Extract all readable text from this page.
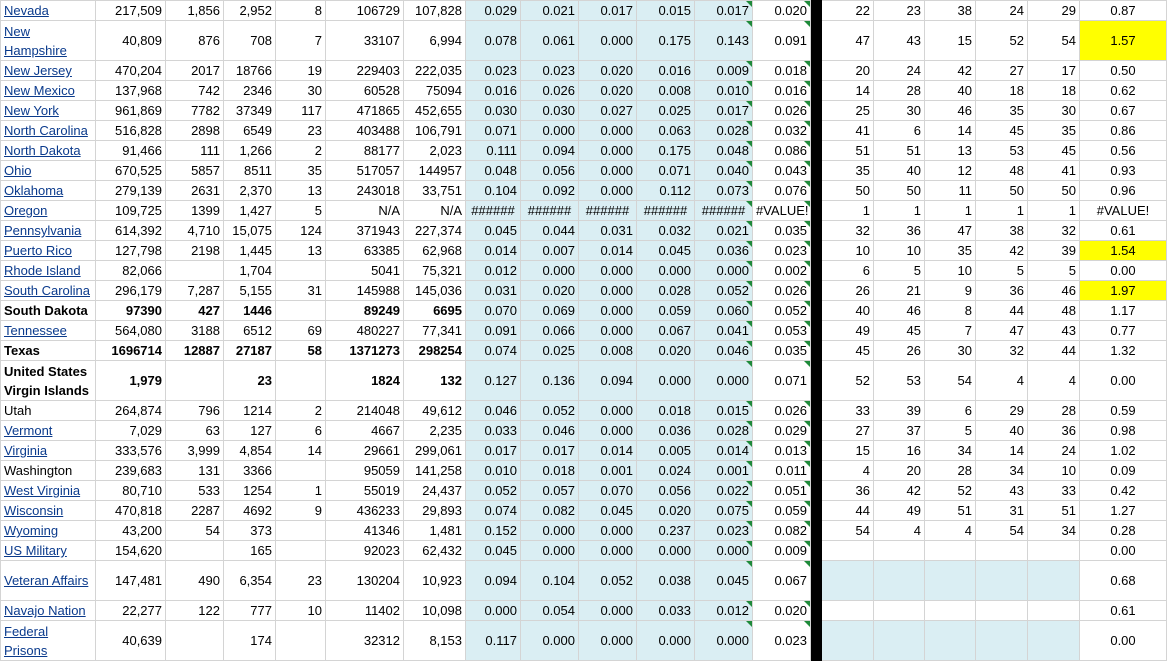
Nevada	217,509	1,856	2,952	8	106729	107,828	0.029	0.021	0.017	0.015	0.017	0.020		22	23	38	24	29	0.87
New Hampshire	40,809	876	708	7	33107	6,994	0.078	0.061	0.000	0.175	0.143	0.091		47	43	15	52	54	1.57
New Jersey	470,204	2017	18766	19	229403	222,035	0.023	0.023	0.020	0.016	0.009	0.018		20	24	42	27	17	0.50
New Mexico	137,968	742	2346	30	60528	75094	0.016	0.026	0.020	0.008	0.010	0.016		14	28	40	18	18	0.62
New York	961,869	7782	37349	117	471865	452,655	0.030	0.030	0.027	0.025	0.017	0.026		25	30	46	35	30	0.67
North Carolina	516,828	2898	6549	23	403488	106,791	0.071	0.000	0.000	0.063	0.028	0.032		41	6	14	45	35	0.86
North Dakota	91,466	111	1,266	2	88177	2,023	0.111	0.094	0.000	0.175	0.048	0.086		51	51	13	53	45	0.56
Ohio	670,525	5857	8511	35	517057	144957	0.048	0.056	0.000	0.071	0.040	0.043		35	40	12	48	41	0.93
Oklahoma	279,139	2631	2,370	13	243018	33,751	0.104	0.092	0.000	0.112	0.073	0.076		50	50	11	50	50	0.96
Oregon	109,725	1399	1,427	5	N/A	N/A	######	######	######	######	######	#VALUE!		1	1	1	1	1	#VALUE!
Pennsylvania	614,392	4,710	15,075	124	371943	227,374	0.045	0.044	0.031	0.032	0.021	0.035		32	36	47	38	32	0.61
Puerto Rico	127,798	2198	1,445	13	63385	62,968	0.014	0.007	0.014	0.045	0.036	0.023		10	10	35	42	39	1.54
Rhode Island	82,066		1,704		5041	75,321	0.012	0.000	0.000	0.000	0.000	0.002		6	5	10	5	5	0.00
South Carolina	296,179	7,287	5,155	31	145988	145,036	0.031	0.020	0.000	0.028	0.052	0.026		26	21	9	36	46	1.97
South Dakota	97390	427	1446		89249	6695	0.070	0.069	0.000	0.059	0.060	0.052		40	46	8	44	48	1.17
Tennessee	564,080	3188	6512	69	480227	77,341	0.091	0.066	0.000	0.067	0.041	0.053		49	45	7	47	43	0.77
Texas	1696714	12887	27187	58	1371273	298254	0.074	0.025	0.008	0.020	0.046	0.035		45	26	30	32	44	1.32
United States Virgin Islands	1,979		23		1824	132	0.127	0.136	0.094	0.000	0.000	0.071		52	53	54	4	4	0.00
Utah	264,874	796	1214	2	214048	49,612	0.046	0.052	0.000	0.018	0.015	0.026		33	39	6	29	28	0.59
Vermont	7,029	63	127	6	4667	2,235	0.033	0.046	0.000	0.036	0.028	0.029		27	37	5	40	36	0.98
Virginia	333,576	3,999	4,854	14	29661	299,061	0.017	0.017	0.014	0.005	0.014	0.013		15	16	34	14	24	1.02
Washington	239,683	131	3366		95059	141,258	0.010	0.018	0.001	0.024	0.001	0.011		4	20	28	34	10	0.09
West Virginia	80,710	533	1254	1	55019	24,437	0.052	0.057	0.070	0.056	0.022	0.051		36	42	52	43	33	0.42
Wisconsin	470,818	2287	4692	9	436233	29,893	0.074	0.082	0.045	0.020	0.075	0.059		44	49	51	31	51	1.27
Wyoming	43,200	54	373		41346	1,481	0.152	0.000	0.000	0.237	0.023	0.082		54	4	4	54	34	0.28
US Military	154,620		165		92023	62,432	0.045	0.000	0.000	0.000	0.000	0.009							0.00
Veteran Affairs	147,481	490	6,354	23	130204	10,923	0.094	0.104	0.052	0.038	0.045	0.067							0.68
Navajo Nation	22,277	122	777	10	11402	10,098	0.000	0.054	0.000	0.033	0.012	0.020							0.61
Federal Prisons	40,639		174		32312	8,153	0.117	0.000	0.000	0.000	0.000	0.023							0.00
